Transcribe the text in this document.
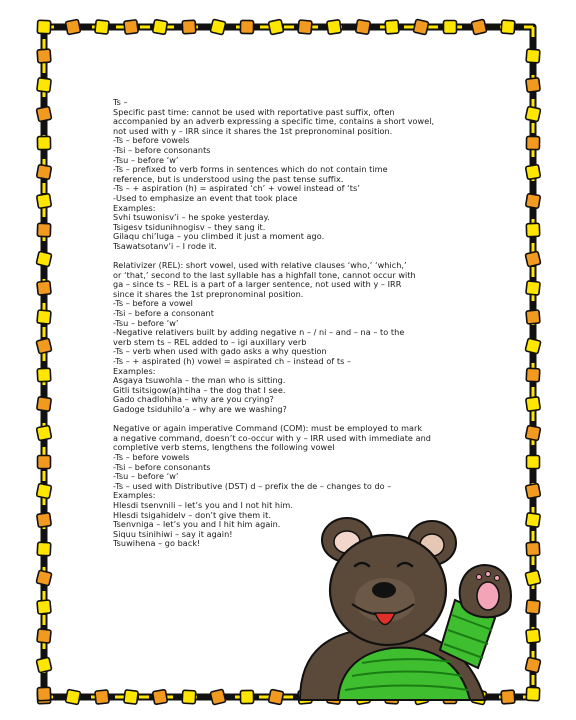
Ts –
Specific past time: cannot be used with reportative past suffix, often
accompanied by an adverb expressing a specific time, contains a short vowel,
not used with y – IRR since it shares the 1st prepronominal position.
-Ts – before vowels
-Tsi – before consonants
-Tsu – before ‘w’
-Ts – prefixed to verb forms in sentences which do not contain time
reference, but is understood using the past tense suffix.
-Ts – + aspiration (h) = aspirated ‘ch’ + vowel instead of ‘ts’
-Used to emphasize an event that took place
Examples:
Svhi tsuwonisv’i – he spoke yesterday.
Tsigesv tsidunihnogisv – they sang it.
Gilaqu chi’luga – you climbed it just a moment ago.
Tsawatsotanv’i – I rode it.
Relativizer (REL): short vowel, used with relative clauses ‘who,’ ‘which,’
or ‘that,’ second to the last syllable has a highfall tone, cannot occur with
ga – since ts – REL is a part of a larger sentence, not used with y – IRR
since it shares the 1st prepronominal position.
-Ts – before a vowel
-Tsi – before a consonant
-Tsu – before ‘w’
-Negative relativers built by adding negative n – / ni – and – na – to the
verb stem ts – REL added to – igi auxillary verb
-Ts – verb when used with gado asks a why question
-Ts – + aspirated (h) vowel = aspirated ch – instead of ts –
Examples:
Asgaya tsuwohla – the man who is sitting.
Gitli tsitsigow(a)htiha – the dog that I see.
Gado chadlohiha – why are you crying?
Gadoge tsiduhilo’a – why are we washing?
Negative or again imperative Command (COM): must be employed to mark
a negative command, doesn’t co-occur with y – IRR used with immediate and
completive verb stems, lengthens the following vowel
-Ts – before vowels
-Tsi – before consonants
-Tsu – before ‘w’
-Ts – used with Distributive (DST) d – prefix the de – changes to do –
Examples:
Hlesdi tsenvnili – let’s you and I not hit him.
Hlesdi tsigahidelv – don’t give them it.
Tsenvnigа – let’s you and I hit him again.
Siquu tsinihiwi – say it again!
Tsuwihena – go back!
